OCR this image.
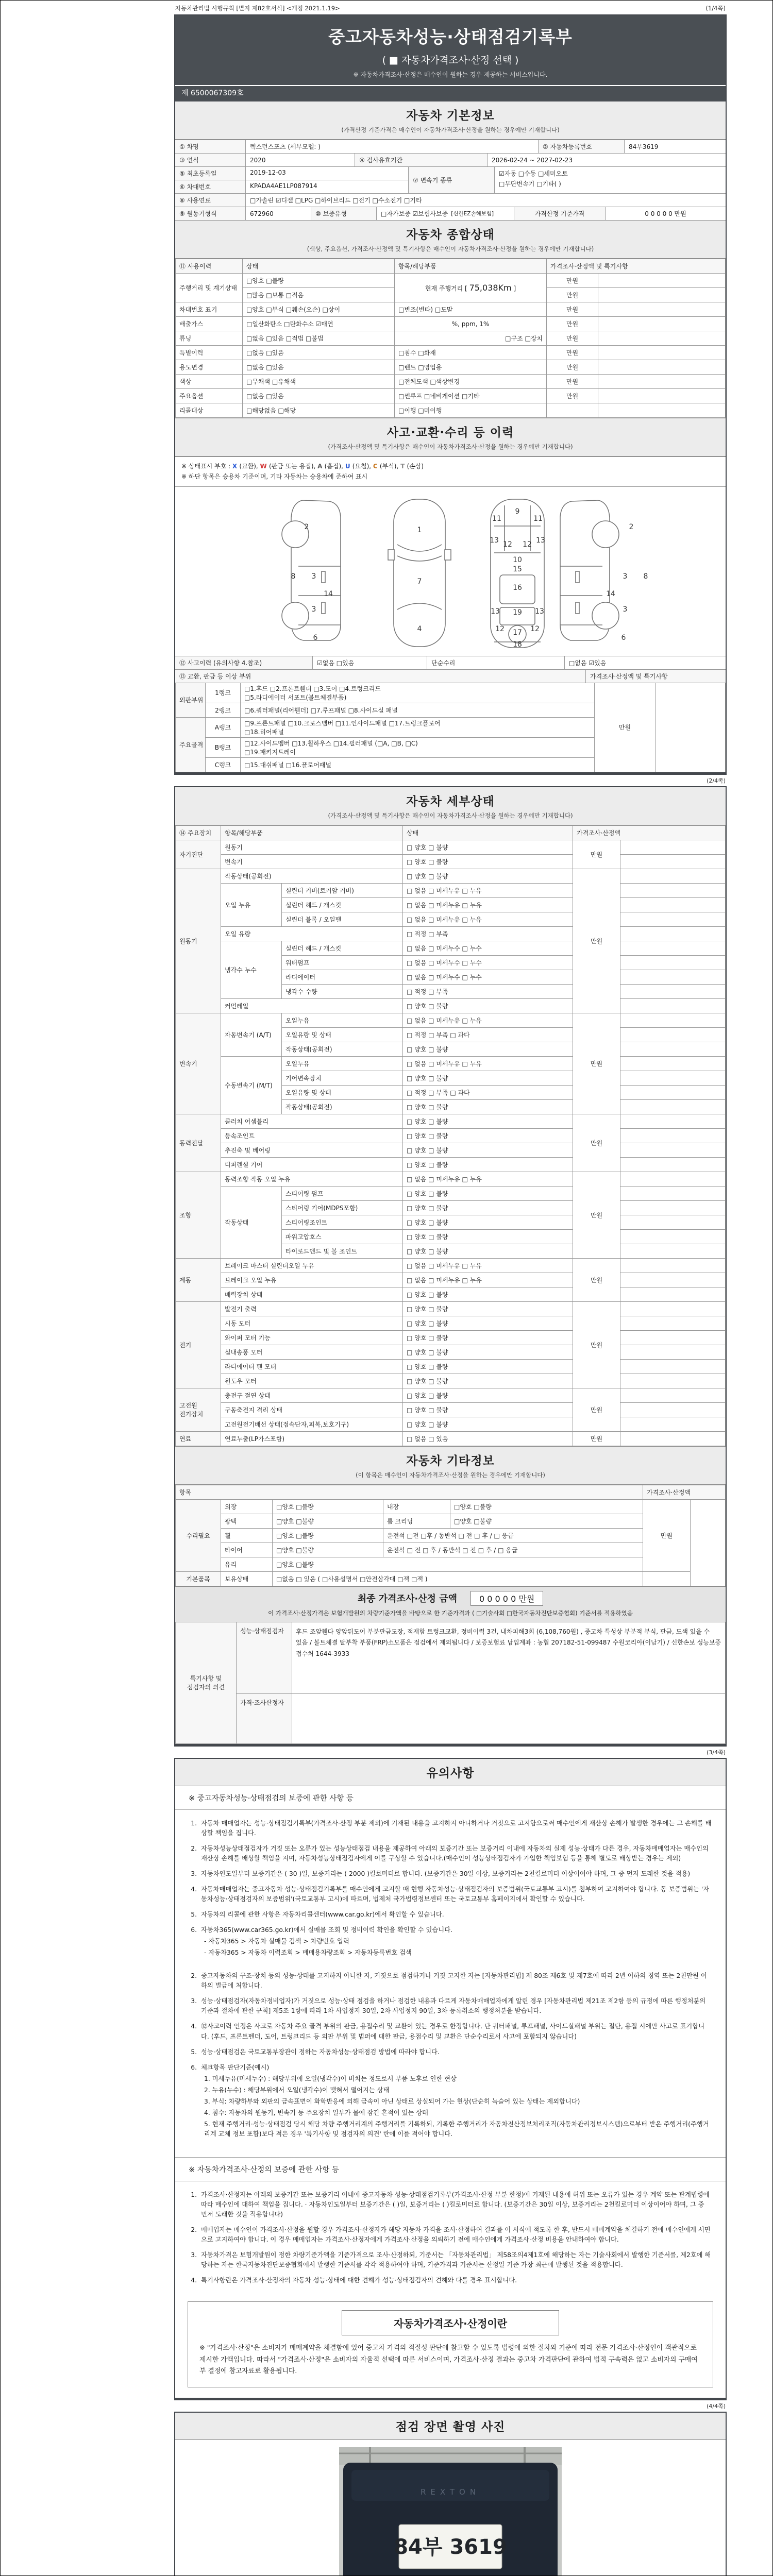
자동차관리법 시행규칙 [별지 제82호서식] <개정 2021.1.19>	(1/4쪽)
중고자동차성능·상태점검기록부
( ■ 자동차가격조사·산정 선택 )
※ 자동차가격조사·산정은 매수인이 원하는 경우 제공하는 서비스입니다.
제 6500067309호
자동차 기본정보
(가격산정 기준가격은 매수인이 자동차가격조사·산정을 원하는 경우에만 기재합니다)
① 차명	렉스턴스포츠 (세부모델: )	② 자동차등록번호	84부3619
③ 연식	2020	④ 검사유효기간	2026-02-24 ~ 2027-02-23
⑤ 최초등록일	2019-12-03
⑥ 차대번호	KPADA4AE1LP087914
⑦ 변속기 종류
☑자동 □수동 □세미오토
□무단변속기 □기타( )
⑧ 사용연료	□가솔린 ☑디젤 □LPG □하이브리드 □전기 □수소전기 □기타
⑨ 원동기형식	672960	⑩ 보증유형	□자가보증 ☑보험사보증 [신한EZ손해보험]	가격산정 기준가격	0 0 0 0 0 만원
자동차 종합상태
(색상, 주요옵션, 가격조사·산정액 및 특기사항은 매수인이 자동차가격조사·산정을 원하는 경우에만 기재합니다)
⑪ 사용이력	상태	항목/해당부품	가격조사·산정액 및 특기사항	
주행거리 및 계기상태	□양호 □불량	현재 주행거리 [ 75,038Km ]	만원	
	□많음 □보통 □적음		만원	
차대번호 표기	□양호 □부식 □훼손(오손) □상이	□변조(변타) □도말	만원	
배출가스	□일산화탄소 □탄화수소 ☑매연	%, ppm, 1%	만원	
튜닝	□없음 □있음 □적법 □불법	□구조 □장치	만원	
특별이력	□없음 □있음	□침수 □화재	만원	
용도변경	□없음 □있음	□렌트 □영업용	만원	
색상	□무채색 □유채색	□전체도색 □색상변경	만원	
주요옵션	□없음 □있음	□썬루프 □네비게이션 □기타	만원	
리콜대상	□해당없음 □해당	□이행 □미이행		
사고·교환·수리 등 이력
(가격조사·산정액 및 특기사항은 매수인이 자동차가격조사·산정을 원하는 경우에만 기재합니다)
※ 상태표시 부호 : X (교환), W (판금 또는 용접), A (흠집), U (요철), C (부식), T (손상)
※ 하단 항목은 승용차 기준이며, 기타 자동차는 승용차에 준하여 표시
2
8 3
14
3
6
1
7
4
11
9
11
13 12 12 13
10
15
16
13 19 13
12 17 12
18
2
8
3
14
3
6
⑫ 사고이력 (유의사항 4.참조)	☑없음 □있음	단순수리	□없음 ☑있음
⑬ 교환, 판금 등 이상 부위	가격조사·산정액 및 특기사항
외판부위	1랭크	□1.후드 □2.프론트휀더 □3.도어 □4.트렁크리드
□5.라디에이터 서포트(볼트체결부품)	만원	
	2랭크	□6.쿼터패널(리어휀더) □7.루프패널 □8.사이드실 패널		

주요골격	A랭크	□9.프론트패널 □10.크로스멤버 □11.인사이드패널 □17.트렁크플로어
□18.리어패널		

	B랭크	□12.사이드멤버 □13.휠하우스 □14.필러패널 (□A, □B, □C)
□19.패키지트레이		

	C랭크	□15.대쉬패널 □16.플로어패널		
(2/4쪽)
자동차 세부상태
(가격조사·산정액 및 특기사항은 매수인이 자동차가격조사·산정을 원하는 경우에만 기재합니다)
⑭ 주요장치	항목/해당부품		상태	가격조사·산정액	
자기진단	원동기		□ 양호 □ 불량	만원	
	변속기		□ 양호 □ 불량		
원동기	작동상태(공회전)		□ 양호 □ 불량	만원	
	오일 누유	실린더 커버(로커암 커버)	□ 없음 □ 미세누유 □ 누유		
		실린더 헤드 / 개스킷	□ 없음 □ 미세누유 □ 누유		
		실린더 블록 / 오일팬	□ 없음 □ 미세누유 □ 누유		
	오일 유량		□ 적정 □ 부족		
	냉각수 누수	실린더 헤드 / 개스킷	□ 없음 □ 미세누수 □ 누수		
		워터펌프	□ 없음 □ 미세누수 □ 누수		
		라디에이터	□ 없음 □ 미세누수 □ 누수		
		냉각수 수량	□ 적정 □ 부족		
	커먼레일		□ 양호 □ 불량		
변속기	자동변속기 (A/T)	오일누유	□ 없음 □ 미세누유 □ 누유	만원	
		오일유량 및 상태	□ 적정 □ 부족 □ 과다		
		작동상태(공회전)	□ 양호 □ 불량		
	수동변속기 (M/T)	오일누유	□ 없음 □ 미세누유 □ 누유		
		기어변속장치	□ 양호 □ 불량		
		오일유량 및 상태	□ 적정 □ 부족 □ 과다		
		작동상태(공회전)	□ 양호 □ 불량		
동력전달	클러치 어셈블리		□ 양호 □ 불량	만원	
	등속조인트		□ 양호 □ 불량		
	추진축 및 베어링		□ 양호 □ 불량		
	디퍼렌셜 기어		□ 양호 □ 불량		
조향	동력조향 작동 오일 누유		□ 없음 □ 미세누유 □ 누유	만원	
	작동상태	스티어링 펌프	□ 양호 □ 불량		
		스티어링 기어(MDPS포함)	□ 양호 □ 불량		
		스티어링조인트	□ 양호 □ 불량		
		파워고압호스	□ 양호 □ 불량		
		타이로드엔드 및 볼 조인트	□ 양호 □ 불량		
제동	브레이크 마스터 실린더오일 누유		□ 없음 □ 미세누유 □ 누유	만원	
	브레이크 오일 누유		□ 없음 □ 미세누유 □ 누유		
	배력장치 상태		□ 양호 □ 불량		
전기	발전기 출력		□ 양호 □ 불량	만원	
	시동 모터		□ 양호 □ 불량		
	와이퍼 모터 기능		□ 양호 □ 불량		
	실내송풍 모터		□ 양호 □ 불량		
	라디에이터 팬 모터		□ 양호 □ 불량		
	윈도우 모터		□ 양호 □ 불량		
고전원 전기장치	충전구 절연 상태		□ 양호 □ 불량	만원	
	구동축전지 격리 상태		□ 양호 □ 불량		
	고전원전기배선 상태(접속단자,피복,보호기구)		□ 양호 □ 불량		
연료	연료누출(LP가스포함)		□ 없음 □ 있음	만원	
자동차 기타정보
(이 항목은 매수인이 자동차가격조사·산정을 원하는 경우에만 기재합니다)
항목					가격조사·산정액	
수리필요	외장	□양호 □불량	내장	□양호 □불량	만원	
	광택	□양호 □불량	룸 크리닝	□양호 □불량		
	휠	□양호 □불량	운전석 □전 □후 / 동반석 □ 전 □ 후 / □ 응급			
	타이어	□양호 □불량	운전석 □ 전 □ 후 / 동반석 □ 전 □ 후 / □ 응급			
	유리	□양호 □불량				
기본품목	보유상태	□없음 □ 있음 ( □사용설명서 □안전삼각대 □잭 □잭 )				
최종 가격조사·산정 금액	0 0 0 0 0 만원
이 가격조사·산정가격은 보험개발원의 차량기준가액을 바탕으로 한 기준가격과 ( □기술사회 □한국자동차진단보증협회) 기준서를 적용하였음
특기사항 및 점검자의 의견	성능·상태점검자	후드 조앞휀다 양앞뒤도어 부분판금도장, 적재함 트렁크교환, 정비이력 3건, 내차피해3회 (6,108,760원) , 중고차 특성상 부분적 부식, 판금, 도색 있을 수 있음 / 볼트체결 탈부착 부품(FRP)소모품은 점검에서 제외됩니다 / 보증보험료 납입계좌 : 농협 207182-51-099487 수원코리아(이남기) / 신한손보 성능보증 접수처 1644-3933
	가격·조사산정자	
(3/4쪽)
유의사항
※ 중고자동차성능·상태점검의 보증에 관한 사항 등
1. 자동차 매매업자는 성능·상태점검기록부(가격조사·산정 부분 제외)에 기재된 내용을 고지하지 아니하거나 거짓으로 고지함으로써 매수인에게 재산상 손해가 발생한 경우에는 그 손해를 배상할 책임을 집니다.
2. 자동차성능상태점검자가 거짓 또는 오류가 있는 성능상태점검 내용을 제공하여 아래의 보증기간 또는 보증거리 이내에 자동차의 실제 성능·상태가 다른 경우, 자동차매매업자는 매수인의 재산상 손해를 배상할 책임을 지며, 자동차성능상태점검자에게 이를 구상할 수 있습니다.(매수인이 성능상태점검자가 가입한 책임보험 등을 통해 별도로 배상받는 경우는 제외)
3. 자동차인도일부터 보증기간은 ( 30 )일, 보증거리는 ( 2000 )킬로미터로 합니다. (보증기간은 30일 이상, 보증거리는 2천킬로미터 이상이어야 하며, 그 중 먼저 도래한 것을 적용)
4. 자동차매매업자는 중고자동차 성능·상태점검기록부를 매수인에게 고지할 때 현행 자동차성능·상태점검자의 보증범위(국토교통부 고시)를 첨부하여 고지하여야 합니다. 동 보증범위는 '자동차성능·상태점검자의 보증범위'(국토교통부 고시)에 따르며, 법제처 국가법령정보센터 또는 국토교통부 홈페이지에서 확인할 수 있습니다.
5. 자동차의 리콜에 관한 사항은 자동차리콜센터(www.car.go.kr)에서 확인할 수 있습니다.
6. 자동차365(www.car365.go.kr)에서 실매물 조회 및 정비이력 확인을 확인할 수 있습니다.
- 자동차365 > 자동차 실매물 검색 > 차량번호 입력
- 자동차365 > 자동차 이력조회 > 매매용차량조회 > 자동차등록번호 검색
2. 중고자동차의 구조·장치 등의 성능·상태를 고지하지 아니한 자, 거짓으로 점검하거나 거짓 고지한 자는 [자동차관리법] 제 80조 제6호 및 제7호에 따라 2년 이하의 징역 또는 2천만원 이하의 벌금에 처합니다.
3. 성능·상태점검자(자동차정비업자)가 거짓으로 성능·상태 점검을 하거나 점검한 내용과 다르게 자동차매매업자에게 알린 경우 [자동차관리법 제21조 제2항 등의 규정에 따른 행정처분의 기준과 절차에 관한 규칙] 제5조 1항에 따라 1차 사업정지 30일, 2차 사업정지 90일, 3차 등록취소의 행정처분을 받습니다.
4. ⑫사고이력 인정은 사고로 자동차 주요 골격 부위의 판금, 용접수리 및 교환이 있는 경우로 한정합니다. 단 쿼터패널, 루프패널, 사이드실패널 부위는 절단, 용접 시에만 사고로 표기합니다. (후드, 프론트펜더, 도어, 트렁크리드 등 외판 부위 및 범퍼에 대한 판금, 용접수리 및 교환은 단순수리로서 사고에 포함되지 않습니다)
5. 성능·상태점검은 국토교통부장관이 정하는 자동차성능·상태점검 방법에 따라야 합니다.
6. 체크항목 판단기준(예시)
1. 미세누유(미세누수) : 해당부위에 오일(냉각수)이 비치는 정도로서 부품 노후로 인한 현상
2. 누유(누수) : 해당부위에서 오일(냉각수)이 맺혀서 떨어지는 상태
3. 부식: 차량하부와 외판의 금속표면이 화학반응에 의해 금속이 아닌 상태로 상실되어 가는 현상(단순히 녹슬어 있는 상태는 제외합니다)
4. 침수: 자동차의 원동기, 변속기 등 주요장치 일부가 물에 잠긴 흔적이 있는 상태
5. 현재 주행거리·성능·상태점검 당시 해당 차량 주행거리계의 주행거리를 기록하되, 기록한 주행거리가 자동차전산정보처리조직(자동차관리정보시스템)으로부터 받은 주행거리(주행거리계 교체 정보 포함)보다 적은 경우 '특기사항 및 점검자의 의견' 란에 이를 적어야 합니다.
※ 자동차가격조사·산정의 보증에 관한 사항 등
1. 가격조사·산정자는 아래의 보증기간 또는 보증거리 이내에 중고자동차 성능·상태점검기록부(가격조사·산정 부분 한정)에 기재된 내용에 허위 또는 오류가 있는 경우 계약 또는 관계법령에 따라 매수인에 대하여 책임을 집니다. · 자동차인도일부터 보증기간은 ( )일, 보증거리는 ( )킬로미터로 합니다. (보증기간은 30일 이상, 보증거리는 2천킬로미터 이상이어야 하며, 그 중 먼저 도래한 것을 적용합니다)
2. 매매업자는 매수인이 가격조사·산정을 원할 경우 가격조사·산정자가 해당 자동차 가격을 조사·산정하여 결과를 이 서식에 적도록 한 후, 반드시 매매계약을 체결하기 전에 매수인에게 서면으로 고지하여야 합니다. 이 경우 매매업자는 가격조사·산정자에게 가격조사·산정을 의뢰하기 전에 매수인에게 가격조사·산정 비용을 안내하여야 합니다.
3. 자동차가격은 보험개발원이 정한 차량기준가액을 기준가격으로 조사·산정하되, 기준서는 「자동차관리법」 제58조의4제1호에 해당하는 자는 기술사회에서 발행한 기준서를, 제2호에 해당하는 자는 한국자동차진단보증협회에서 발행한 기준서를 각각 적용하여야 하며, 기준가격과 기준서는 산정일 기준 가장 최근에 발행된 것을 적용합니다.
4. 특기사항란은 가격조사·산정자의 자동차 성능·상태에 대한 견해가 성능·상태점검자의 견해와 다를 경우 표시합니다.
자동차가격조사·산정이란
※ "가격조사·산정"은 소비자가 매매계약을 체결함에 있어 중고차 가격의 적절성 판단에 참고할 수 있도록 법령에 의한 절차와 기준에 따라 전문 가격조사·산정인이 객관적으로 제시한 가액입니다. 따라서 "가격조사·산정"은 소비자의 자율적 선택에 따른 서비스이며, 가격조사·산정 결과는 중고차 가격판단에 관하여 법적 구속력은 없고 소비자의 구매여부 결정에 참고자료로 활용됩니다.
(4/4쪽)
점검 장면 촬영 사진
REXTON
84부 3619
